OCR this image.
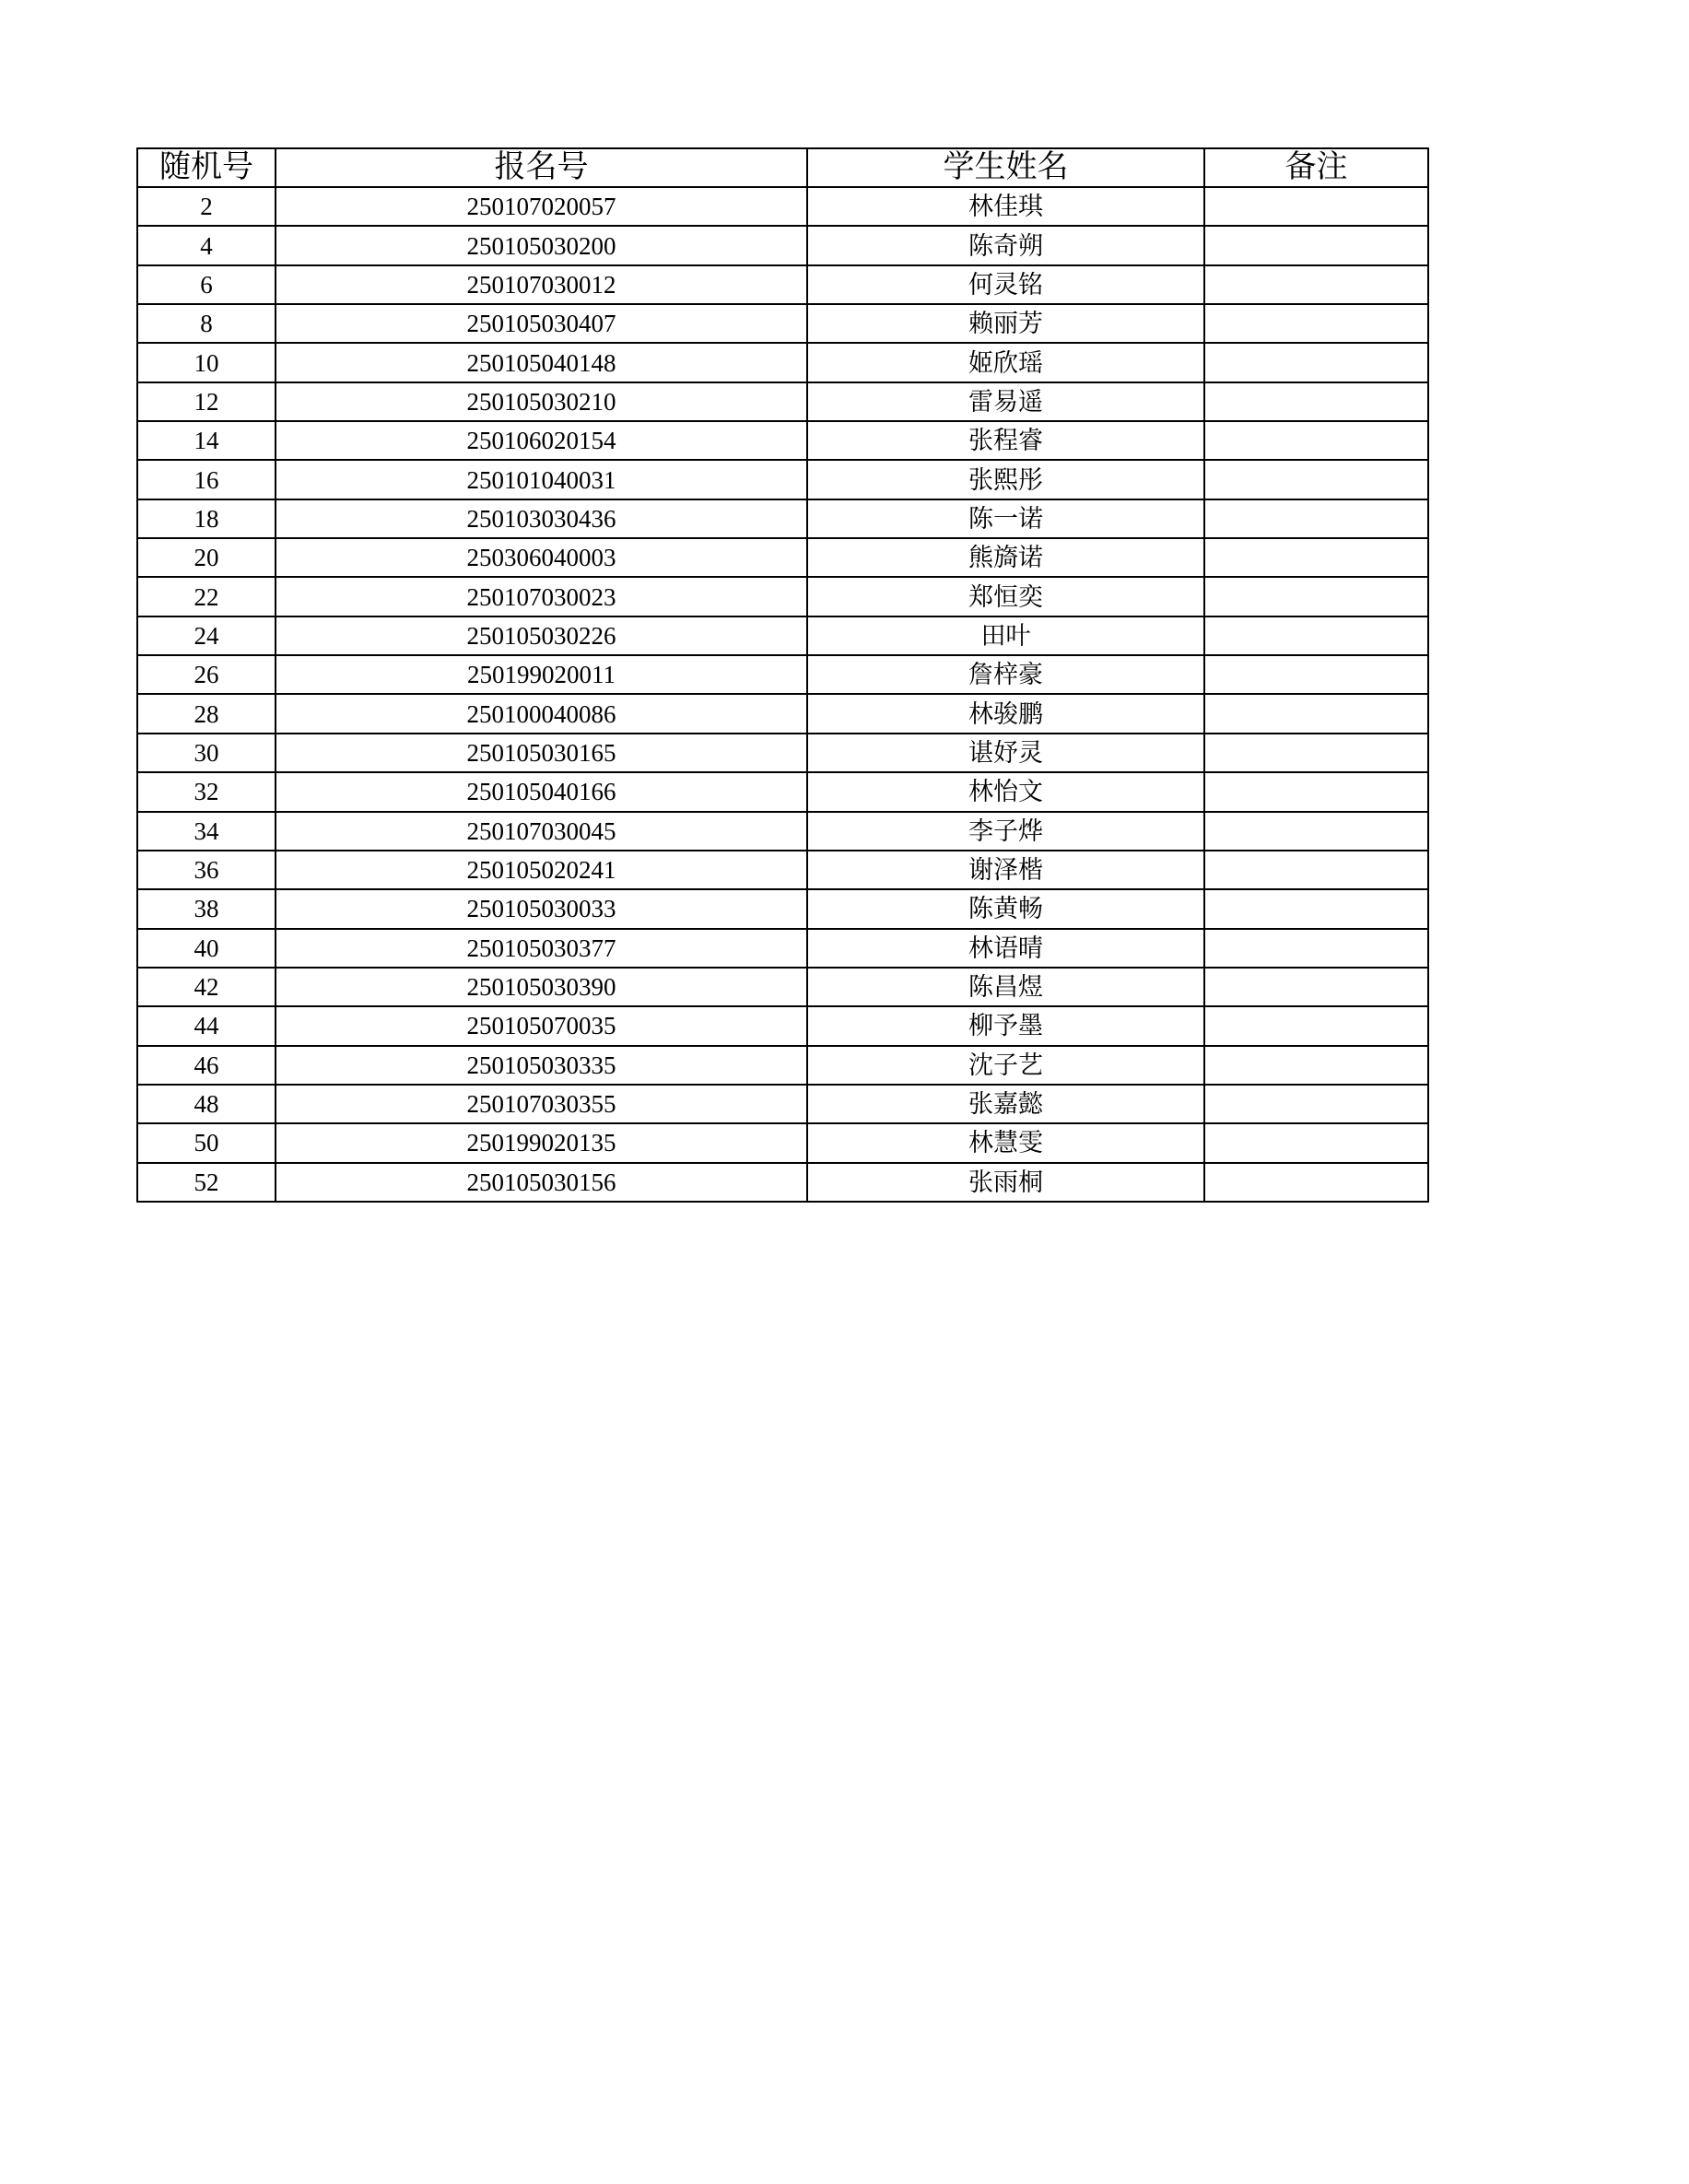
随机号	报名号	学生姓名	备注
2	250107020057	林佳琪	
4	250105030200	陈奇朔	
6	250107030012	何灵铭	
8	250105030407	赖丽芳	
10	250105040148	姬欣瑶	
12	250105030210	雷易遥	
14	250106020154	张程睿	
16	250101040031	张熙彤	
18	250103030436	陈一诺	
20	250306040003	熊旖诺	
22	250107030023	郑恒奕	
24	250105030226	田叶	
26	250199020011	詹梓豪	
28	250100040086	林骏鹏	
30	250105030165	谌妤灵	
32	250105040166	林怡文	
34	250107030045	李子烨	
36	250105020241	谢泽楷	
38	250105030033	陈黄畅	
40	250105030377	林语晴	
42	250105030390	陈昌煜	
44	250105070035	柳予墨	
46	250105030335	沈子艺	
48	250107030355	张嘉懿	
50	250199020135	林慧雯	
52	250105030156	张雨桐	
